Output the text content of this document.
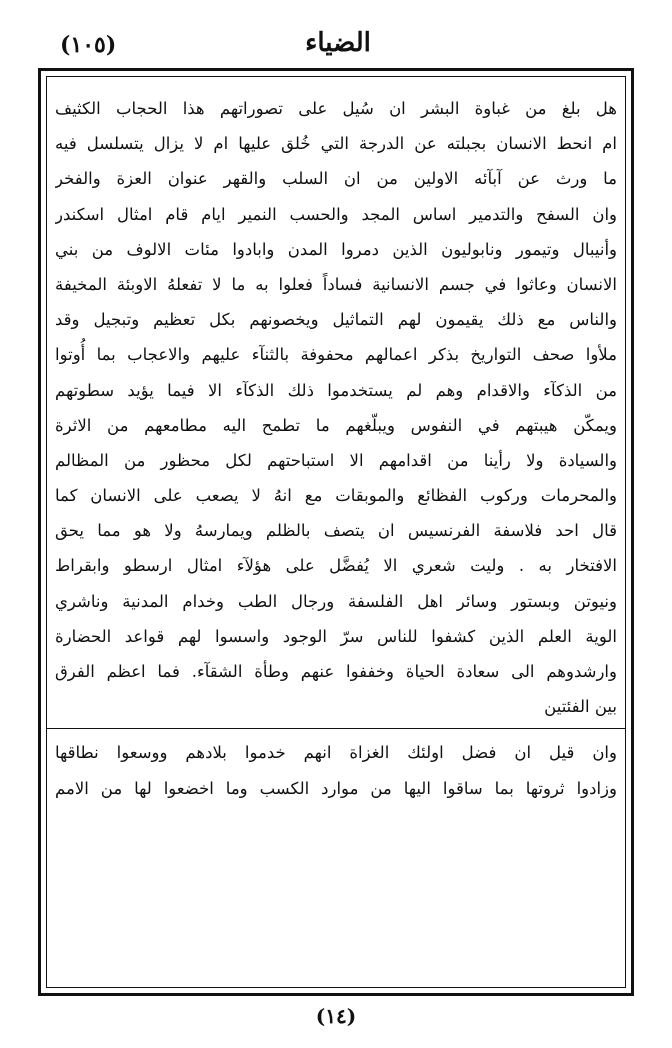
الضياء
(١٠٥)
هل بلغ من غباوة البشر ان سُيل على تصوراتهم هذا الحجاب الكثيف
ام انحط الانسان بجبلته عن الدرجة التي خُلق عليها ام لا يزال يتسلسل فيه
ما ورث عن آبآئه الاولين من ان السلب والقهر عنوان العزة والفخر
وان السفح والتدمير اساس المجد والحسب النمير ايام قام امثال اسكندر
وأنيبال وتيمور ونابوليون الذين دمروا المدن وابادوا مئات الالوف من بني
الانسان وعاثوا في جسم الانسانية فساداً فعلوا به ما لا تفعلهُ الاوبئة المخيفة
والناس مع ذلك يقيمون لهم التماثيل ويخصونهم بكل تعظيم وتبجيل وقد
ملأوا صحف التواريخ بذكر اعمالهم محفوفة بالثنآء عليهم والاعجاب بما أُوتوا
من الذكآء والاقدام وهم لم يستخدموا ذلك الذكآء الا فيما يؤيد سطوتهم
ويمكّن هيبتهم في النفوس ويبلّغهم ما تطمح اليه مطامعهم من الاثرة
والسيادة ولا رأينا من اقدامهم الا استباحتهم لكل محظور من المظالم
والمحرمات وركوب الفظائع والموبقات مع انهُ لا يصعب على الانسان كما
قال احد فلاسفة الفرنسيس ان يتصف بالظلم ويمارسهُ ولا هو مما يحق
الافتخار به . وليت شعري الا يُفضَّل على هؤلآء امثال ارسطو وابقراط
ونيوتن وبستور وسائر اهل الفلسفة ورجال الطب وخدام المدنية وناشري
الوية العلم الذين كشفوا للناس سرّ الوجود واسسوا لهم قواعد الحضارة
وارشدوهم الى سعادة الحياة وخففوا عنهم وطأة الشقآء. فما اعظم الفرق
بين الفئتين
وان قيل ان فضل اولئك الغزاة انهم خدموا بلادهم ووسعوا نطاقها
وزادوا ثروتها بما ساقوا اليها من موارد الكسب وما اخضعوا لها من الامم
(١٤)
